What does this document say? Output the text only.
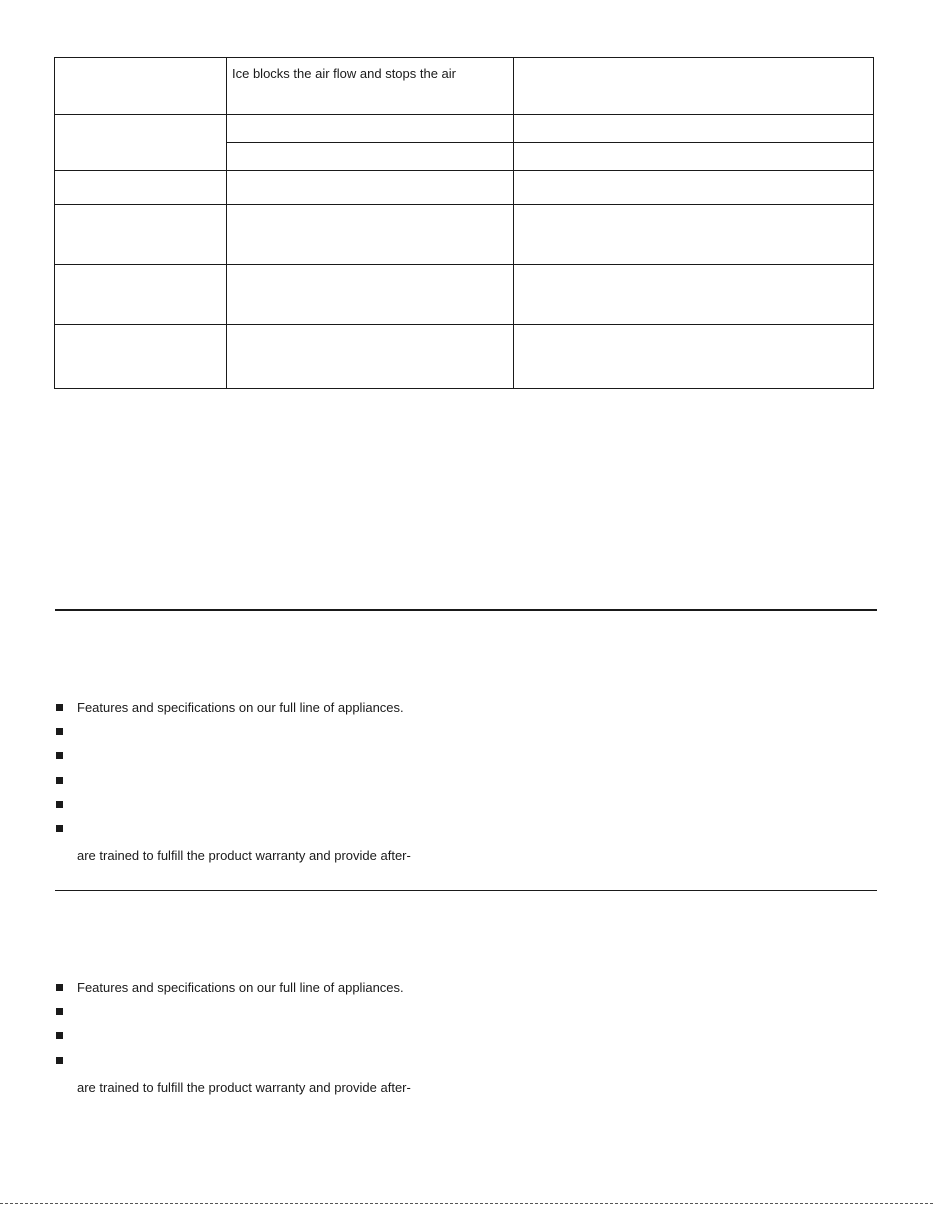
Ice blocks the air flow and stops the air
Features and specifications on our full line of appliances.
are trained to fulfill the product warranty and provide after-
Features and specifications on our full line of appliances.
are trained to fulfill the product warranty and provide after-
